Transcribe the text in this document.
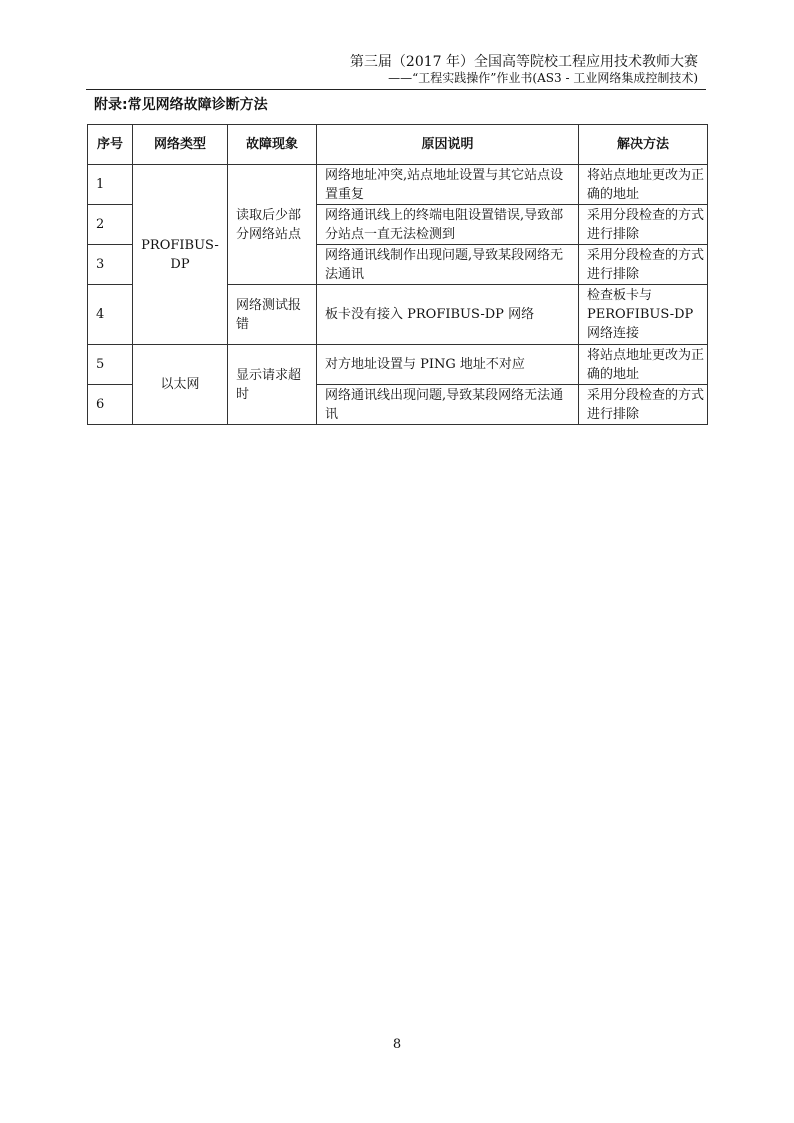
第三届（2017 年）全国高等院校工程应用技术教师大赛
——“工程实践操作”作业书(AS3 - 工业网络集成控制技术)
附录:常见网络故障诊断方法
序号	网络类型	故障现象	原因说明	解决方法
1	PROFIBUS-DP	读取后少部分网络站点	网络地址冲突,站点地址设置与其它站点设置重复	将站点地址更改为正确的地址
2			网络通讯线上的终端电阻设置错误,导致部分站点一直无法检测到	采用分段检查的方式进行排除
3			网络通讯线制作出现问题,导致某段网络无法通讯	采用分段检查的方式进行排除
4		网络测试报错	板卡没有接入 PROFIBUS-DP 网络	检查板卡与PEROFIBUS-DP 网络连接
5	以太网	显示请求超时	对方地址设置与 PING 地址不对应	将站点地址更改为正确的地址
6			网络通讯线出现问题,导致某段网络无法通讯	采用分段检查的方式进行排除
8
